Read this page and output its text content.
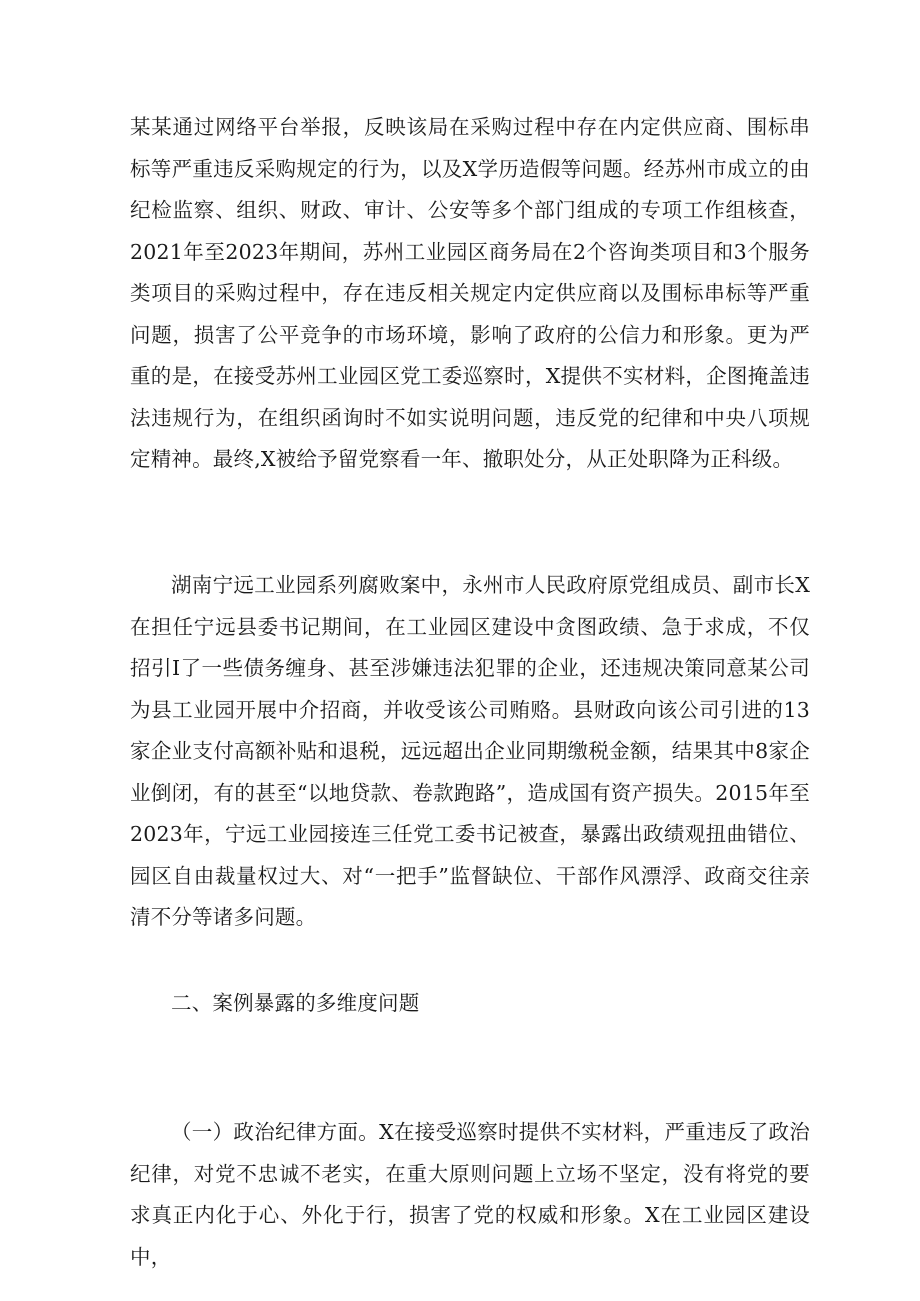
某某通过网络平台举报，反映该局在采购过程中存在内定供应商、围标串标等严重违反采购规定的行为，以及X学历造假等问题。经苏州市成立的由纪检监察、组织、财政、审计、公安等多个部门组成的专项工作组核查，2021年至2023年期间，苏州工业园区商务局在2个咨询类项目和3个服务类项目的采购过程中，存在违反相关规定内定供应商以及围标串标等严重问题，损害了公平竞争的市场环境，影响了政府的公信力和形象。更为严重的是，在接受苏州工业园区党工委巡察时，X提供不实材料，企图掩盖违法违规行为，在组织函询时不如实说明问题，违反党的纪律和中央八项规定精神。最终,X被给予留党察看一年、撤职处分，从正处职降为正科级。

湖南宁远工业园系列腐败案中，永州市人民政府原党组成员、副市长X在担任宁远县委书记期间，在工业园区建设中贪图政绩、急于求成，不仅招引I了一些债务缠身、甚至涉嫌违法犯罪的企业，还违规决策同意某公司为县工业园开展中介招商，并收受该公司贿赂。县财政向该公司引进的13家企业支付高额补贴和退税，远远超出企业同期缴税金额，结果其中8家企业倒闭，有的甚至“以地贷款、卷款跑路”，造成国有资产损失。2015年至2023年，宁远工业园接连三任党工委书记被查，暴露出政绩观扭曲错位、园区自由裁量权过大、对“一把手”监督缺位、干部作风漂浮、政商交往亲清不分等诸多问题。

二、案例暴露的多维度问题

（一）政治纪律方面。X在接受巡察时提供不实材料，严重违反了政治纪律，对党不忠诚不老实，在重大原则问题上立场不坚定，没有将党的要求真正内化于心、外化于行，损害了党的权威和形象。X在工业园区建设中，
